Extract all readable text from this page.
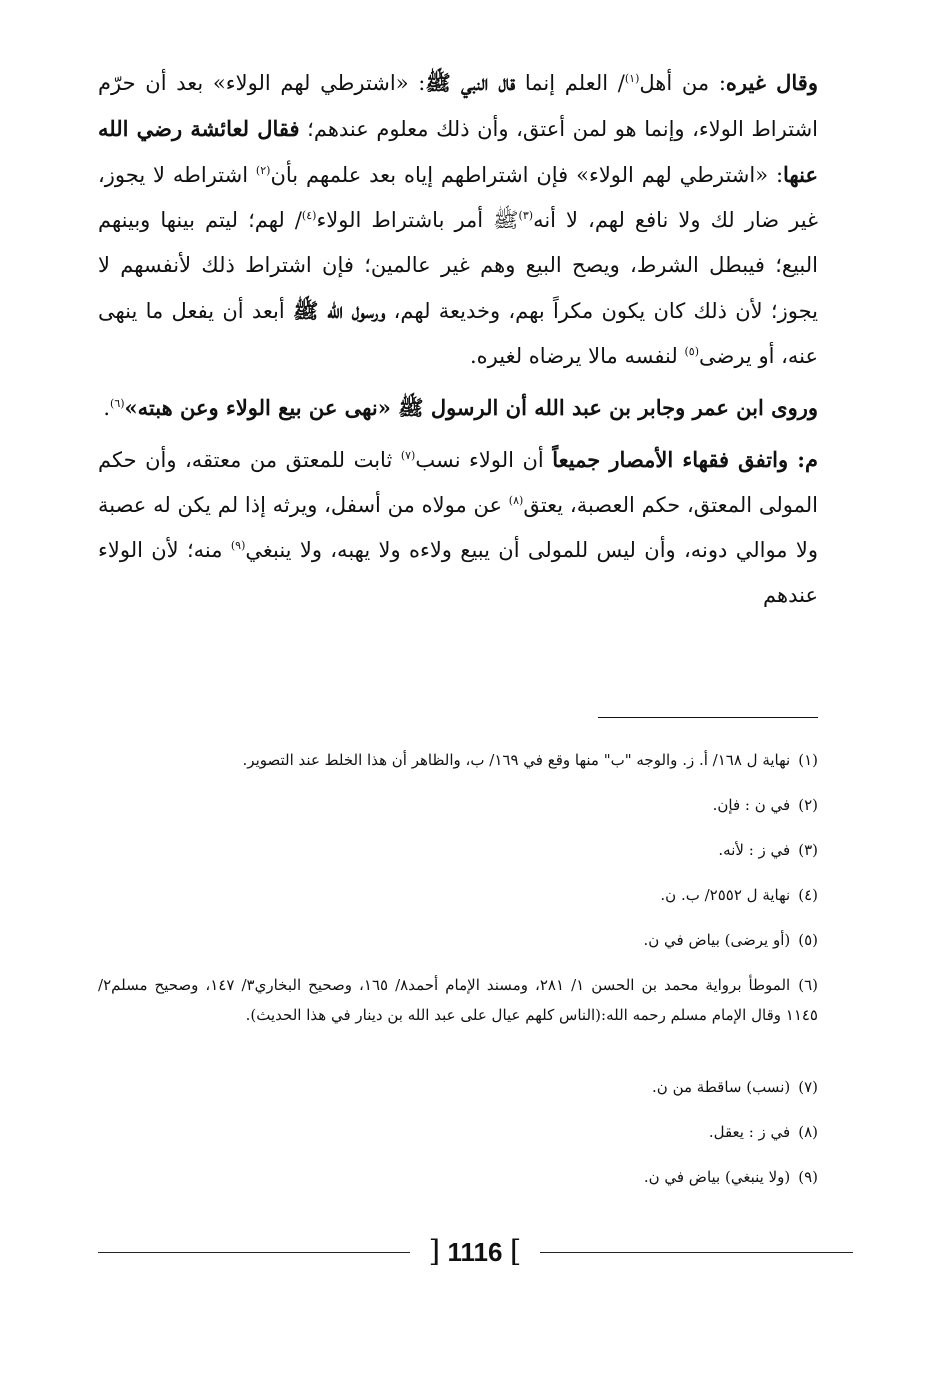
وقال غيره: من أهل$^{(١)}$/ العلم إنما قال النبي ﷺ: «اشترطي لهم الولاء» بعد أن حرّم اشتراط الولاء، وإنما هو لمن أعتق، وأن ذلك معلوم عندهم؛ فقال لعائشة رضي الله عنها: «اشترطي لهم الولاء» فإن اشتراطهم إياه بعد علمهم بأن$^{(٢)}$ اشتراطه لا يجوز، غير ضار لك ولا نافع لهم، لا أنه$^{(٣)}$ﷺ أمر باشتراط الولاء$^{(٤)}$/ لهم؛ ليتم بينها وبينهم البيع؛ فيبطل الشرط، ويصح البيع وهم غير عالمين؛ فإن اشتراط ذلك لأنفسهم لا يجوز؛ لأن ذلك كان يكون مكراً بهم، وخديعة لهم، ورسول الله ﷺ أبعد أن يفعل ما ينهى عنه، أو يرضى$^{(٥)}$ لنفسه مالا يرضاه لغيره.

وروى ابن عمر وجابر بن عبد الله أن الرسول ﷺ «نهى عن بيع الولاء وعن هبته»$^{(٦)}$.

م: واتفق فقهاء الأمصار جميعاً أن الولاء نسب$^{(٧)}$ ثابت للمعتق من معتقه، وأن حكم المولى المعتق، حكم العصبة، يعتق$^{(٨)}$ عن مولاه من أسفل، ويرثه إذا لم يكن له عصبة ولا موالي دونه، وأن ليس للمولى أن يبيع ولاءه ولا يهبه، ولا ينبغي$^{(٩)}$ منه؛ لأن الولاء عندهم

(١)نهاية ل ١٦٨/ أ. ز. والوجه "ب" منها وقع في ١٦٩/ ب، والظاهر أن هذا الخلط عند التصوير.
(٢)في ن : فإن.
(٣)في ز : لأنه.
(٤)نهاية ل ٢٥٥٢/ ب. ن.
(٥)(أو يرضى) بياض في ن.
(٦)الموطأ برواية محمد بن الحسن ١/ ٢٨١، ومسند الإمام أحمد٨/ ١٦٥، وصحيح البخاري٣/ ١٤٧، وصحيح مسلم٢/ ١١٤٥ وقال الإمام مسلم رحمه الله:(الناس كلهم عيال على عبد الله بن دينار في هذا الحديث).
(٧)(نسب) ساقطة من ن.
(٨)في ز : يعقل.
(٩)(ولا ينبغي) بياض في ن.
] 1116 [
